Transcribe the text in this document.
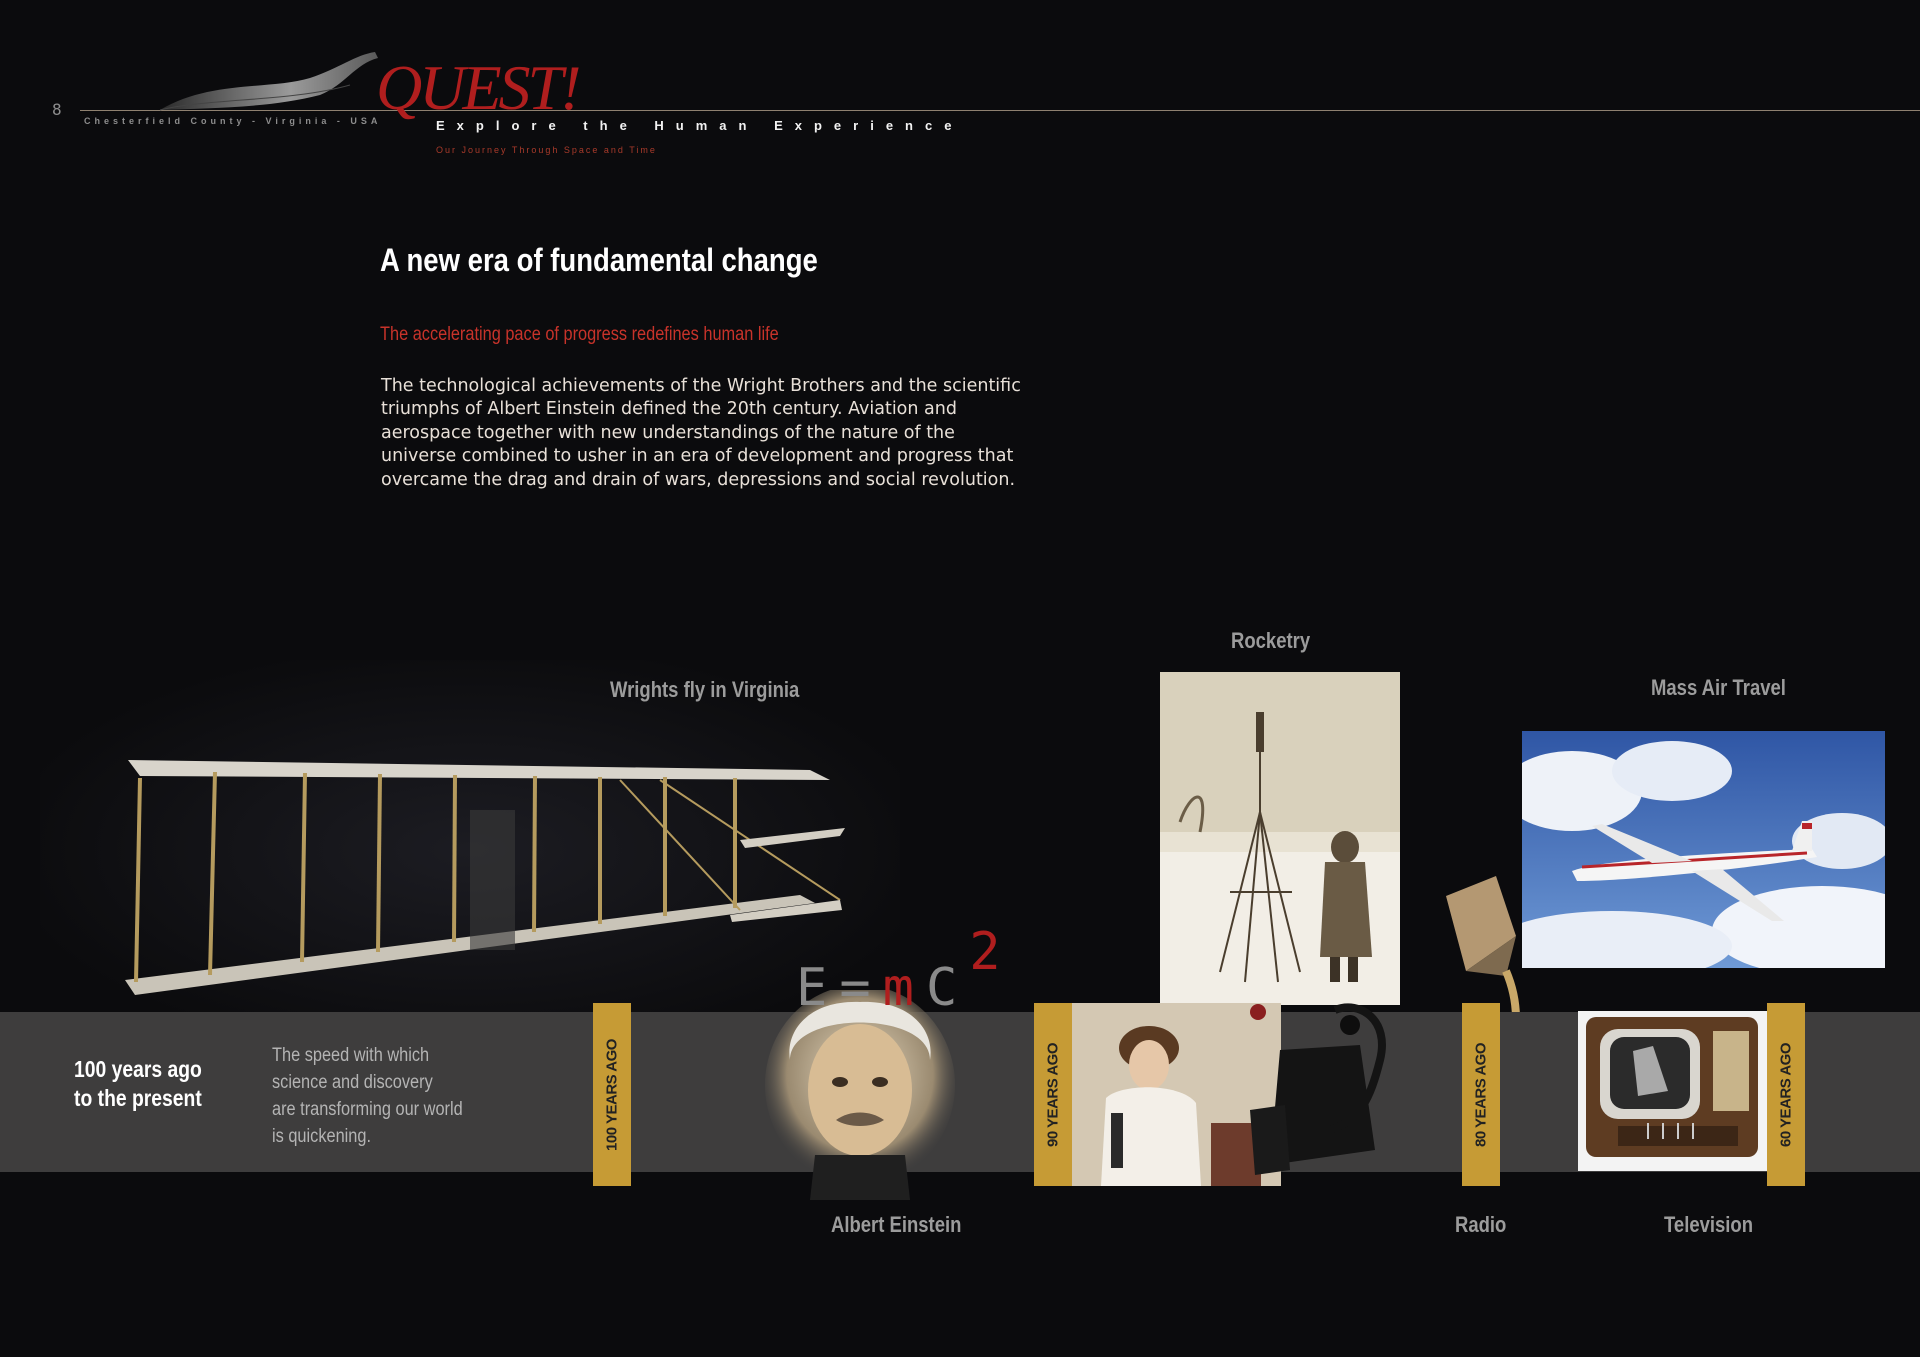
8	QUEST!
Chesterfield County - Virginia - USA	Explore the Human Experience
Our Journey Through Space and Time
A new era of fundamental change
The accelerating pace of progress redefines human life
The technological achievements of the Wright Brothers and the scientific
triumphs of Albert Einstein defined the 20th century. Aviation and
aerospace together with new understandings of the nature of the
universe combined to usher in an era of development and progress that
overcame the drag and drain of wars, depressions and social revolution.
Wrights fly in Virginia
Rocketry
Mass Air Travel
100 years ago
to the present
The speed with which
science and discovery
are transforming our world
is quickening.
E=mC2
Albert Einstein
100 YEARS AGO	90 YEARS AGO	80 YEARS AGO	60 YEARS AGO
Radio	Television
